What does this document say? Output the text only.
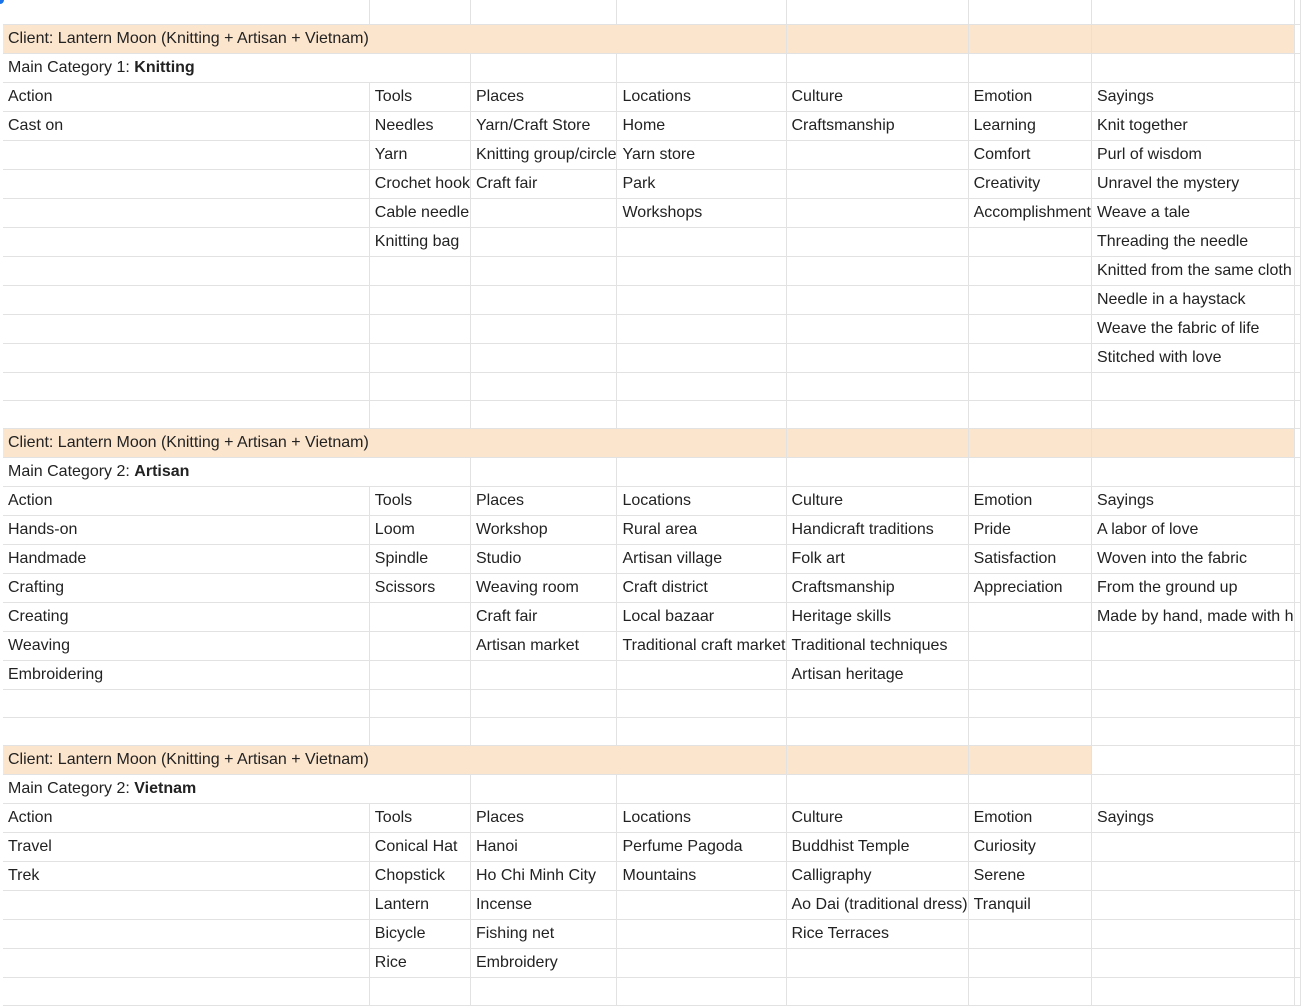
Client: Lantern Moon (Knitting + Artisan + Vietnam)							
Main Category 1: Knitting							
Action	Tools	Places	Locations	Culture	Emotion	Sayings	
Cast on	Needles	Yarn/Craft Store	Home	Craftsmanship	Learning	Knit together	
	Yarn	Knitting group/circle	Yarn store		Comfort	Purl of wisdom	
	Crochet hook	Craft fair	Park		Creativity	Unravel the mystery	
	Cable needle		Workshops		Accomplishment	Weave a tale	
	Knitting bag					Threading the needle	
						Knitted from the same cloth	
						Needle in a haystack	
						Weave the fabric of life	
						Stitched with love	

Client: Lantern Moon (Knitting + Artisan + Vietnam)							
Main Category 2: Artisan							
Action	Tools	Places	Locations	Culture	Emotion	Sayings	
Hands-on	Loom	Workshop	Rural area	Handicraft traditions	Pride	A labor of love	
Handmade	Spindle	Studio	Artisan village	Folk art	Satisfaction	Woven into the fabric	
Crafting	Scissors	Weaving room	Craft district	Craftsmanship	Appreciation	From the ground up	
Creating		Craft fair	Local bazaar	Heritage skills		Made by hand, made with h	
Weaving		Artisan market	Traditional craft market	Traditional techniques			
Embroidering				Artisan heritage			

Client: Lantern Moon (Knitting + Artisan + Vietnam)							
Main Category 2: Vietnam							
Action	Tools	Places	Locations	Culture	Emotion	Sayings	
Travel	Conical Hat	Hanoi	Perfume Pagoda	Buddhist Temple	Curiosity		
Trek	Chopstick	Ho Chi Minh City	Mountains	Calligraphy	Serene		
	Lantern	Incense		Ao Dai (traditional dress)	Tranquil		
	Bicycle	Fishing net		Rice Terraces			
	Rice	Embroidery					
